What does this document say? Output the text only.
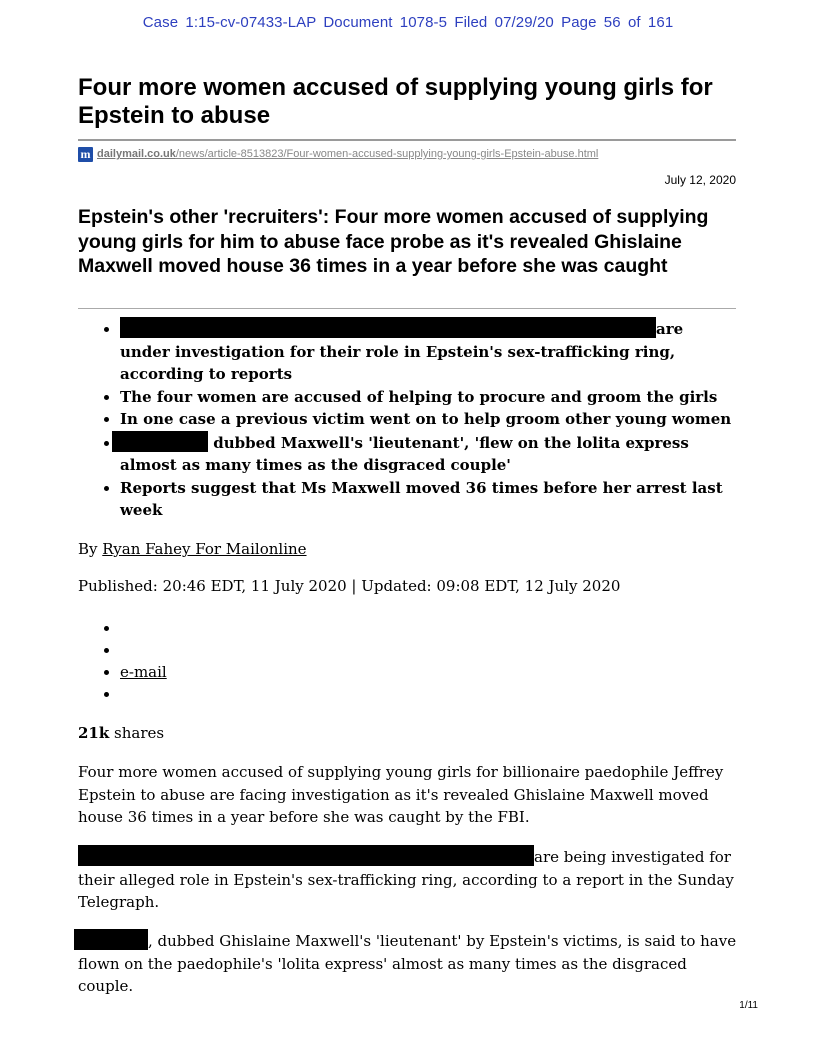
Case 1:15-cv-07433-LAP Document 1078-5 Filed 07/29/20 Page 56 of 161
Four more women accused of supplying young girls for Epstein to abuse
m dailymail.co.uk /news/article-8513823/Four-women-accused-supplying-young-girls-Epstein-abuse.html
July 12, 2020
Epstein's other 'recruiters': Four more women accused of supplying young girls for him to abuse face probe as it's revealed Ghislaine Maxwell moved house 36 times in a year before she was caught
• are
under investigation for their role in Epstein's sex-trafficking ring, according to reports
• The four women are accused of helping to procure and groom the girls
• In one case a previous victim went on to help groom other young women
• dubbed Maxwell's 'lieutenant', 'flew on the lolita express almost as many times as the disgraced couple'
• Reports suggest that Ms Maxwell moved 36 times before her arrest last week
By Ryan Fahey For Mailonline
Published: 20:46 EDT, 11 July 2020 | Updated: 09:08 EDT, 12 July 2020
•
•
• e-mail
•
21k shares

Four more women accused of supplying young girls for billionaire paedophile Jeffrey Epstein to abuse are facing investigation as it's revealed Ghislaine Maxwell moved house 36 times in a year before she was caught by the FBI.

are being investigated for their alleged role in Epstein's sex-trafficking ring, according to a report in the Sunday Telegraph.

, dubbed Ghislaine Maxwell's 'lieutenant' by Epstein's victims, is said to have flown on the paedophile's 'lolita express' almost as many times as the disgraced couple.

1/11
